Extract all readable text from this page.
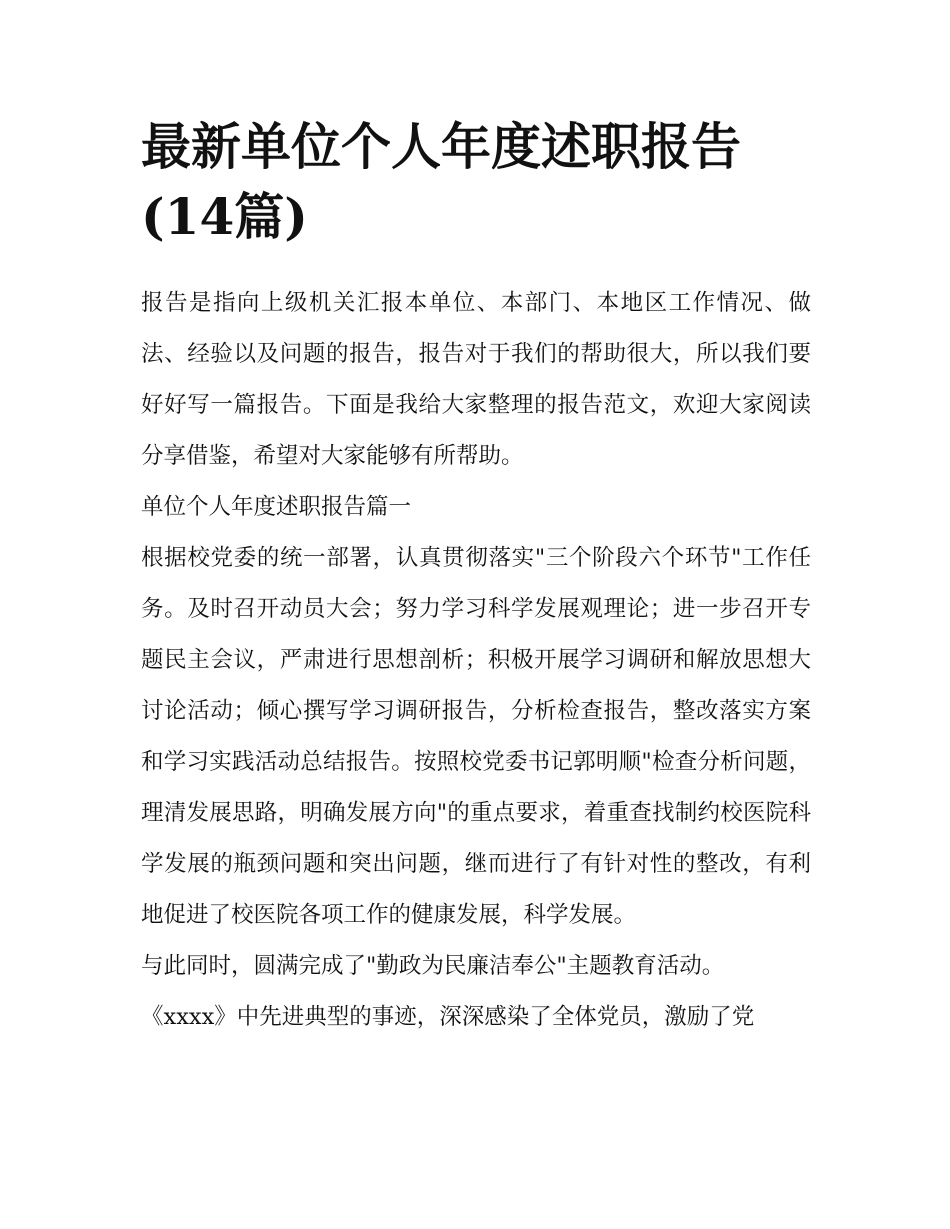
最新单位个人年度述职报告(14篇)

报告是指向上级机关汇报本单位、本部门、本地区工作情况、做法、经验以及问题的报告，报告对于我们的帮助很大，所以我们要好好写一篇报告。下面是我给大家整理的报告范文，欢迎大家阅读分享借鉴，希望对大家能够有所帮助。

单位个人年度述职报告篇一

根据校党委的统一部署，认真贯彻落实"三个阶段六个环节"工作任务。及时召开动员大会；努力学习科学发展观理论；进一步召开专题民主会议，严肃进行思想剖析；积极开展学习调研和解放思想大讨论活动；倾心撰写学习调研报告，分析检查报告，整改落实方案和学习实践活动总结报告。按照校党委书记郭明顺"检查分析问题，理清发展思路，明确发展方向"的重点要求，着重查找制约校医院科学发展的瓶颈问题和突出问题，继而进行了有针对性的整改，有利地促进了校医院各项工作的健康发展，科学发展。

与此同时，圆满完成了"勤政为民廉洁奉公"主题教育活动。

《xxxx》中先进典型的事迹，深深感染了全体党员，激励了党
